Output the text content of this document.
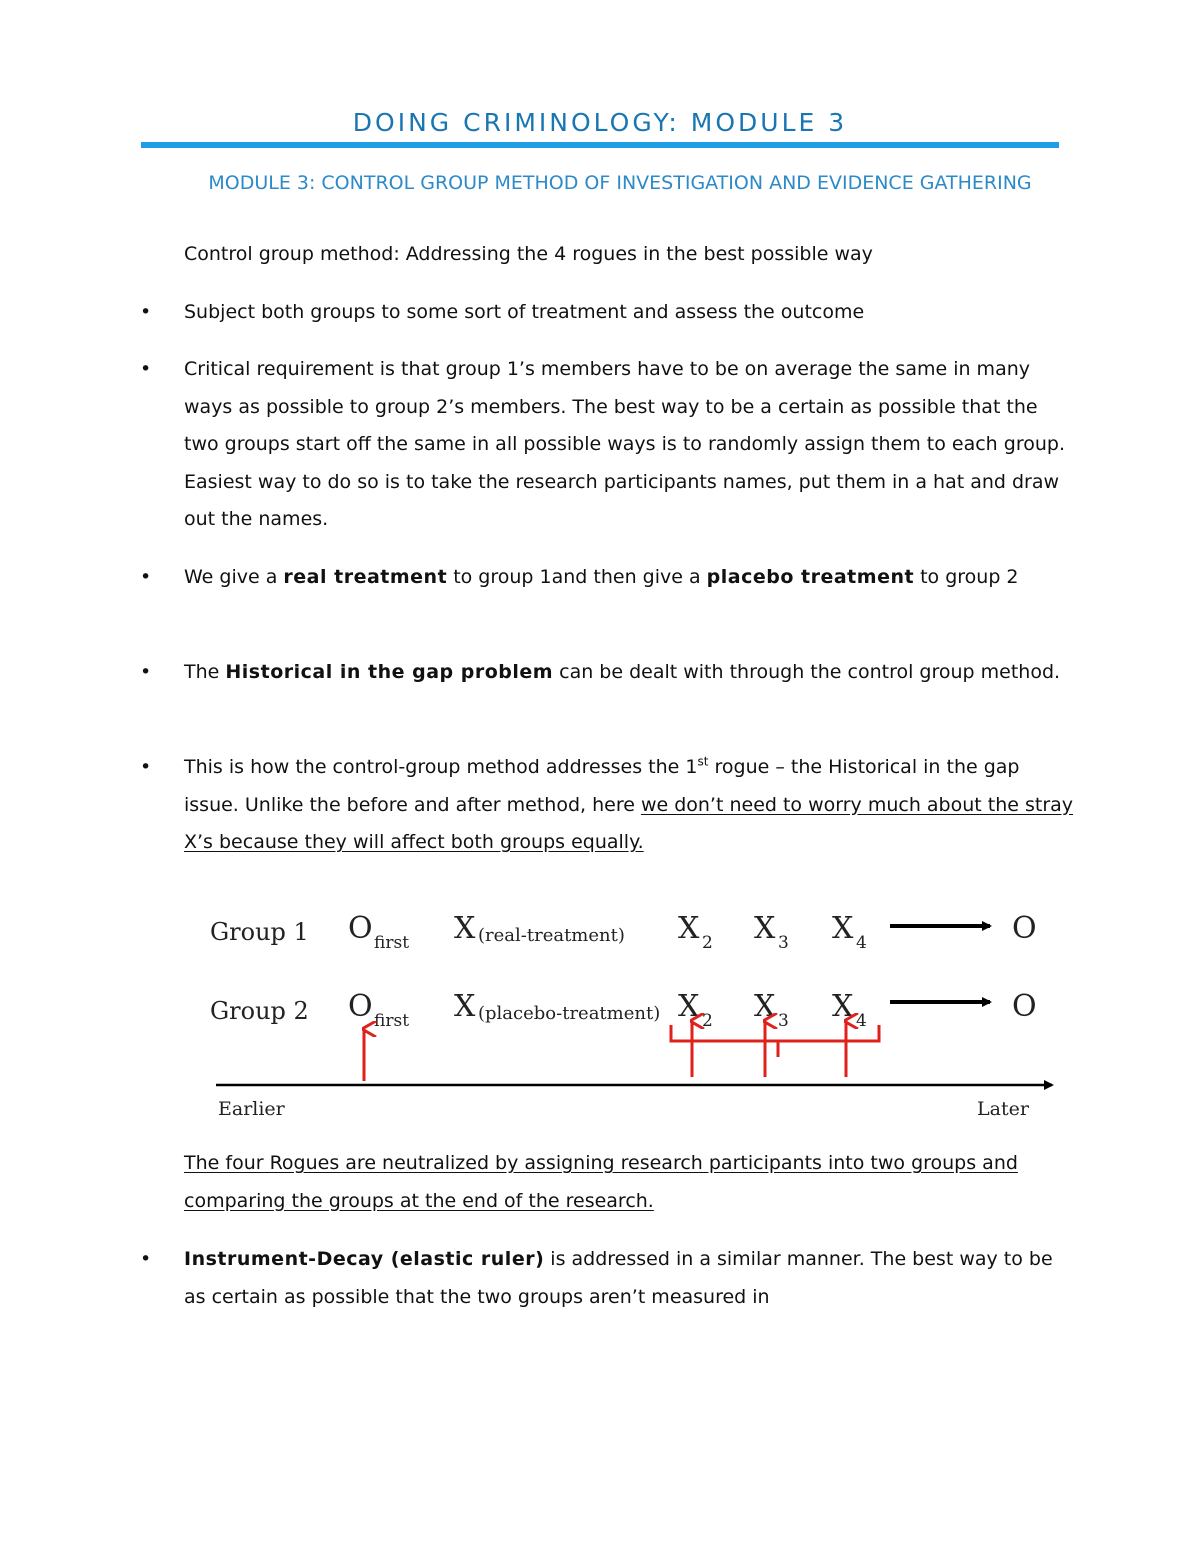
DOING CRIMINOLOGY: MODULE 3
MODULE 3: CONTROL GROUP METHOD OF INVESTIGATION AND EVIDENCE GATHERING
Control group method: Addressing the 4 rogues in the best possible way
• Subject both groups to some sort of treatment and assess the outcome
• Critical requirement is that group 1’s members have to be on average the same in many ways as possible to group 2’s members. The best way to be a certain as possible that the two groups start off the same in all possible ways is to randomly assign them to each group. Easiest way to do so is to take the research participants names, put them in a hat and draw out the names.
• We give a real treatment to group 1and then give a placebo treatment to group 2
• The Historical in the gap problem can be dealt with through the control group method.
• This is how the control-group method addresses the 1st rogue – the Historical in the gap issue. Unlike the before and after method, here we don’t need to worry much about the stray X’s because they will affect both groups equally.
Group 1 O first X (real-treatment) X 2 X 3 X 4	O
Group 2 O first X (placebo-treatment) X 2 X 3 X 4	O
Earlier	Later
The four Rogues are neutralized by assigning research participants into two groups and comparing the groups at the end of the research.
• Instrument-Decay (elastic ruler) is addressed in a similar manner. The best way to be as certain as possible that the two groups aren’t measured in
